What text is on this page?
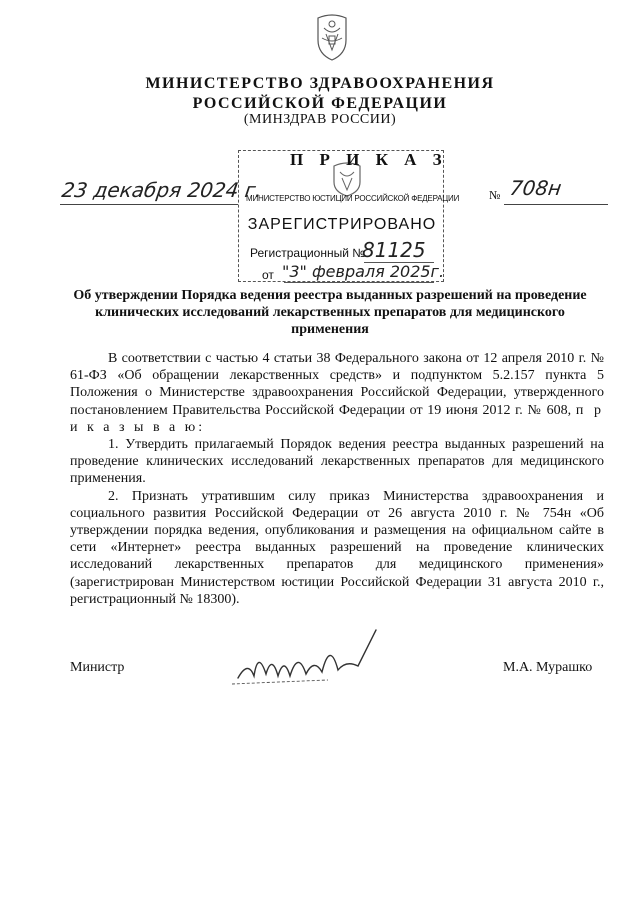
МИНИСТЕРСТВО ЗДРАВООХРАНЕНИЯ
РОССИЙСКОЙ ФЕДЕРАЦИИ
(МИНЗДРАВ РОССИИ)
П Р И К А З
МИНИСТЕРСТВО ЮСТИЦИИ РОССИЙСКОЙ ФЕДЕРАЦИИ
ЗАРЕГИСТРИРОВАНО
Регистрационный №
81125
от "3" февраля 2025г.
23 декабря 2024 г.	№ 708н
Об утверждении Порядка ведения реестра выданных разрешений на проведение клинических исследований лекарственных препаратов для медицинского применения

В соответствии с частью 4 статьи 38 Федерального закона от 12 апреля 2010 г. № 61-ФЗ «Об обращении лекарственных средств» и подпунктом 5.2.157 пункта 5 Положения о Министерстве здравоохранения Российской Федерации, утвержденного постановлением Правительства Российской Федерации от 19 июня 2012 г. № 608, п р и к а з ы в а ю:

1. Утвердить прилагаемый Порядок ведения реестра выданных разрешений на проведение клинических исследований лекарственных препаратов для медицинского применения.

2. Признать утратившим силу приказ Министерства здравоохранения и социального развития Российской Федерации от 26 августа 2010 г. № 754н «Об утверждении порядка ведения, опубликования и размещения на официальном сайте в сети «Интернет» реестра выданных разрешений на проведение клинических исследований лекарственных препаратов для медицинского применения» (зарегистрирован Министерством юстиции Российской Федерации 31 августа 2010 г., регистрационный № 18300).

Министр	М.А. Мурашко
